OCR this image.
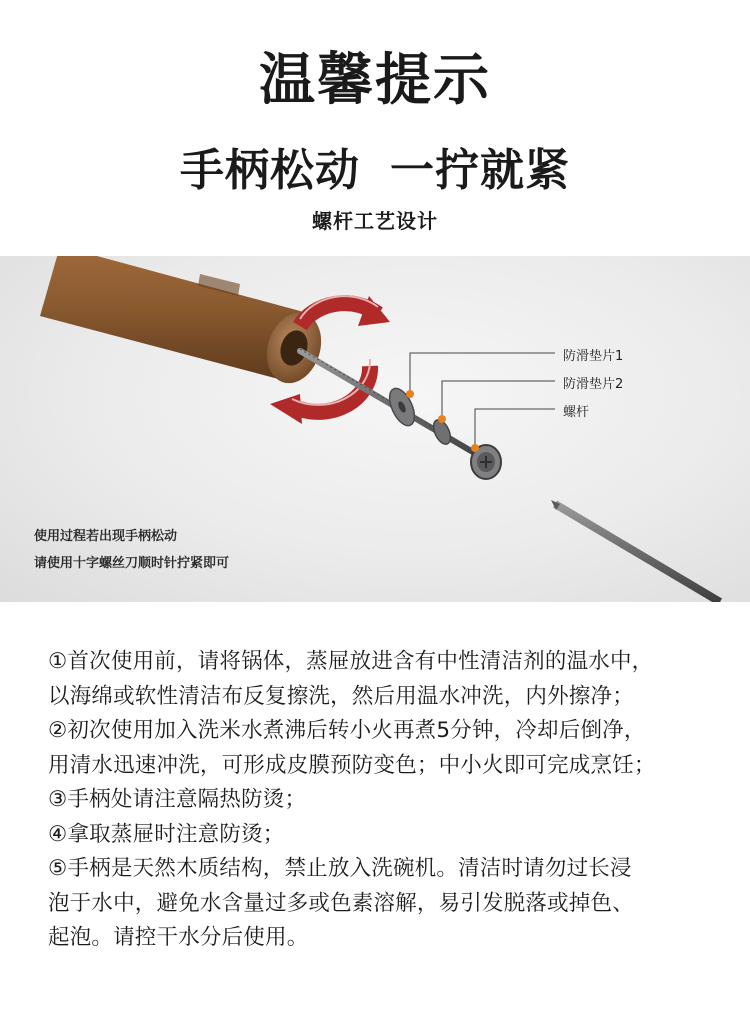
温馨提示
手柄松动 一拧就紧
螺杆工艺设计

防滑垫片1

防滑垫片2

螺杆

使用过程若出现手柄松动

请使用十字螺丝刀顺时针拧紧即可

①首次使用前，请将锅体，蒸屉放进含有中性清洁剂的温水中，
以海绵或软性清洁布反复擦洗，然后用温水冲洗，内外擦净；
②初次使用加入洗米水煮沸后转小火再煮5分钟，冷却后倒净，
用清水迅速冲洗，可形成皮膜预防变色；中小火即可完成烹饪；
③手柄处请注意隔热防烫；
④拿取蒸屉时注意防烫；
⑤手柄是天然木质结构，禁止放入洗碗机。清洁时请勿过长浸
泡于水中，避免水含量过多或色素溶解，易引发脱落或掉色、
起泡。请控干水分后使用。
